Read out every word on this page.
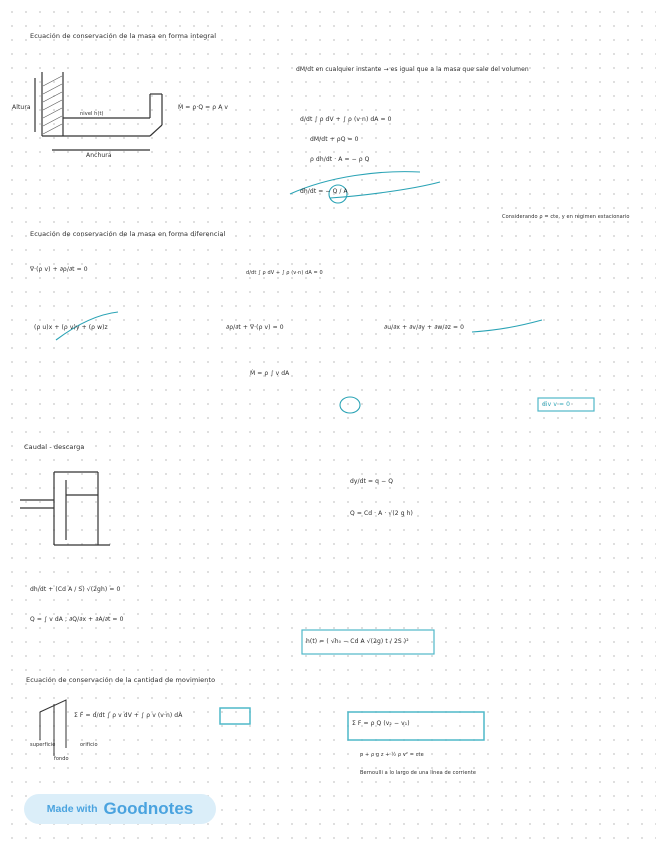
Ecuación de conservación de la masa en forma integral
Altura
nivel h(t)
Anchura
Ṁ = ρ·Q = ρ A v
dM/dt en cualquier instante → es igual que a la masa que sale del volumen
d/dt ∫ ρ dV + ∫ ρ (v·n) dA = 0
dM/dt + ρQ = 0
ρ dh/dt · A = − ρ Q
dh/dt = − Q / A
Considerando ρ = cte, y en régimen estacionario
Ecuación de conservación de la masa en forma diferencial
∇·(ρ v) + ∂ρ/∂t = 0	d/dt ∫ ρ dV + ∫ ρ (v·n) dA = 0
(ρ u)x + (ρ v)y + (ρ w)z	∂ρ/∂t + ∇·(ρ v) = 0	∂u/∂x + ∂v/∂y + ∂w/∂z = 0
Ṁ = ρ ∫ v dA
div v = 0
Caudal - descarga
dy/dt = q − Q
Q = Cd · A · √(2 g h)
dh/dt + (Cd A / S) √(2gh) = 0
Q = ∫ v dA ; ∂Q/∂x + ∂A/∂t = 0
h(t) = ( √h₀ − Cd A √(2g) t / 2S )²
Ecuación de conservación de la cantidad de movimiento
Σ F = d/dt ∫ ρ v dV + ∫ ρ v (v·n) dA
Σ F = ρ Q (v₂ − v₁)
superficie	orificio
fondo
p + ρ g z + ½ ρ v² = cte
Bernoulli a lo largo de una línea de corriente
Made with Goodnotes
